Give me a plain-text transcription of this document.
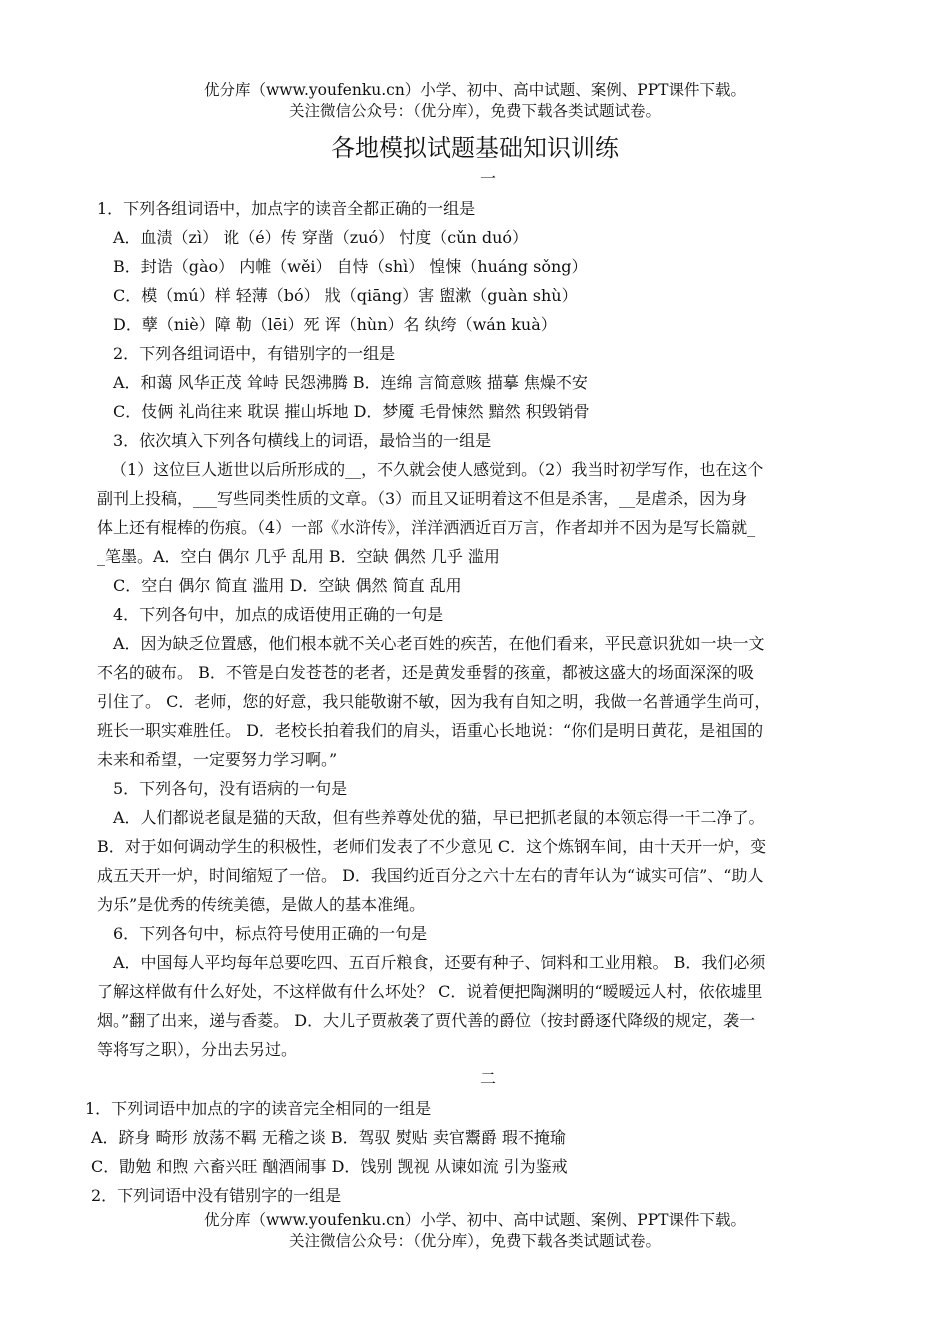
优分库（www.youfenku.cn）小学、初中、高中试题、案例、PPT课件下载。
关注微信公众号：（优分库），免费下载各类试题试卷。
各地模拟试题基础知识训练
一
1．下列各组词语中，加点字的读音全都正确的一组是
A．血渍（zì） 讹（é）传 穿凿（zuó） 忖度（cǔn duó）
B．封诰（gào） 内帷（wěi） 自恃（shì） 惶悚（huáng sǒng）
C．模（mú）样 轻薄（bó） 戕（qiāng）害 盥漱（guàn shù）
D．孽（niè）障 勒（lēi）死 诨（hùn）名 纨绔（wán kuà）
2．下列各组词语中，有错别字的一组是
A．和蔼 风华正茂 耸峙 民怨沸腾 B．连绵 言简意赅 描摹 焦燥不安
C．伎俩 礼尚往来 耽误 摧山坼地 D．梦魇 毛骨悚然 黯然 积毁销骨
3．依次填入下列各句横线上的词语，最恰当的一组是
（1）这位巨人逝世以后所形成的__，不久就会使人感觉到。（2）我当时初学写作，也在这个
副刊上投稿，___写些同类性质的文章。（3）而且又证明着这不但是杀害，__是虐杀，因为身
体上还有棍棒的伤痕。（4）一部《水浒传》，洋洋洒洒近百万言，作者却并不因为是写长篇就_
_笔墨。A．空白 偶尔 几乎 乱用 B．空缺 偶然 几乎 滥用
C．空白 偶尔 简直 滥用 D．空缺 偶然 简直 乱用
4．下列各句中，加点的成语使用正确的一句是
A．因为缺乏位置感，他们根本就不关心老百姓的疾苦，在他们看来，平民意识犹如一块一文
不名的破布。 B．不管是白发苍苍的老者，还是黄发垂髫的孩童，都被这盛大的场面深深的吸
引住了。 C．老师，您的好意，我只能敬谢不敏，因为我有自知之明，我做一名普通学生尚可，
班长一职实难胜任。 D．老校长拍着我们的肩头，语重心长地说：“你们是明日黄花，是祖国的
未来和希望，一定要努力学习啊。”
5．下列各句，没有语病的一句是
A．人们都说老鼠是猫的天敌，但有些养尊处优的猫，早已把抓老鼠的本领忘得一干二净了。
B．对于如何调动学生的积极性，老师们发表了不少意见 C．这个炼钢车间，由十天开一炉，变
成五天开一炉，时间缩短了一倍。 D．我国约近百分之六十左右的青年认为“诚实可信”、“助人
为乐”是优秀的传统美德，是做人的基本准绳。
6．下列各句中，标点符号使用正确的一句是
A．中国每人平均每年总要吃四、五百斤粮食，还要有种子、饲料和工业用粮。 B．我们必须
了解这样做有什么好处，不这样做有什么坏处？ C．说着便把陶渊明的“暧暧远人村，依依墟里
烟。”翻了出来，递与香菱。 D．大儿子贾赦袭了贾代善的爵位（按封爵逐代降级的规定，袭一
等将写之职），分出去另过。
二
1．下列词语中加点的字的读音完全相同的一组是
A．跻身 畸形 放荡不羁 无稽之谈 B．驾驭 熨贴 卖官鬻爵 瑕不掩瑜
C．勖勉 和煦 六畜兴旺 酗酒闹事 D．饯别 觊视 从谏如流 引为鉴戒
2．下列词语中没有错别字的一组是
优分库（www.youfenku.cn）小学、初中、高中试题、案例、PPT课件下载。
关注微信公众号：（优分库），免费下载各类试题试卷。
